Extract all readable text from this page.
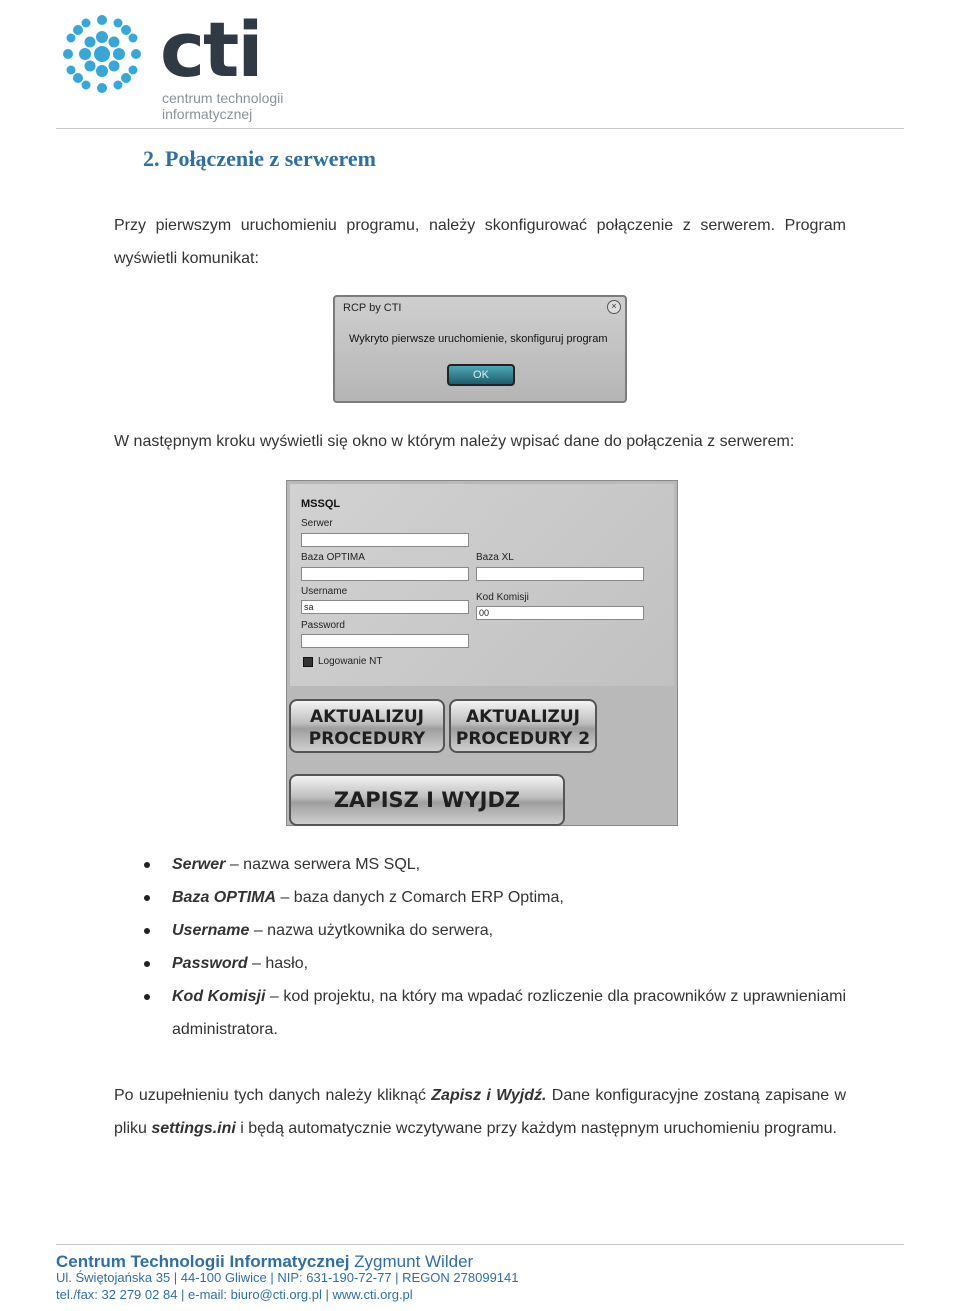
cti
centrum technologii
informatycznej
2. Połączenie z serwerem
Przy pierwszym uruchomieniu programu, należy skonfigurować połączenie z serwerem. Program wyświetli komunikat:
RCP by CTI	×
Wykryto pierwsze uruchomienie, skonfiguruj program
OK
W następnym kroku wyświetli się okno w którym należy wpisać dane do połączenia z serwerem:
MSSQL
Serwer
Baza OPTIMA	Baza XL
Username
sa
Kod Komisji
00
Password
Logowanie NT
AKTUALIZUJ
PROCEDURY
AKTUALIZUJ
PROCEDURY 2
ZAPISZ I WYJDZ
Serwer – nazwa serwera MS SQL,
Baza OPTIMA – baza danych z Comarch ERP Optima,
Username – nazwa użytkownika do serwera,
Password – hasło,
Kod Komisji – kod projektu, na który ma wpadać rozliczenie dla pracowników z uprawnieniami administratora.
Po uzupełnieniu tych danych należy kliknąć Zapisz i Wyjdź. Dane konfiguracyjne zostaną zapisane w pliku settings.ini i będą automatycznie wczytywane przy każdym następnym uruchomieniu programu.
Centrum Technologii Informatycznej Zygmunt Wilder
Ul. Świętojańska 35 | 44-100 Gliwice | NIP: 631-190-72-77 | REGON 278099141
tel./fax: 32 279 02 84 | e-mail: biuro@cti.org.pl | www.cti.org.pl
